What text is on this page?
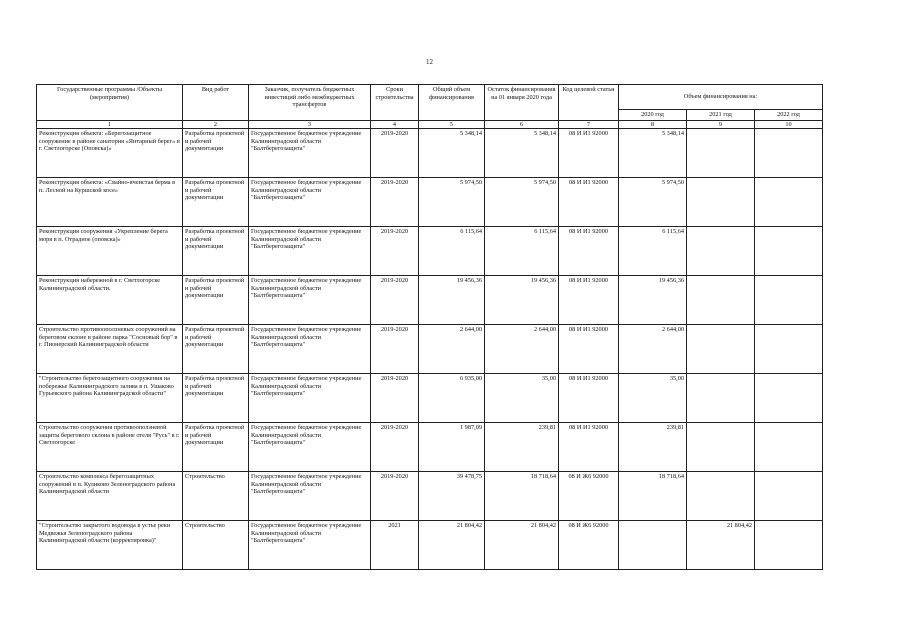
12
Государственные программы /Объекты (мероприятия)	Вид работ	Заказчик, получатель бюджетных инвестиций либо межбюджетных трансфертов	Сроки строительства	Общий объем финансирования	Остаток финансирования на 01 января 2020 года	Код целевой статьи	Объем финансирования на:		
							2020 год	2021 год	2022 год
1	2	3	4	5	6	7	8	9	10
Реконструкция объекта: «Берегозащитное сооружение в районе санатория «Янтарный берег» в г. Светлогорске (Оповска)»	Разработка проектной и рабочей документации	Государственное бюджетное учреждение Калининградской области "Балтберегозащита"	2019-2020	5 348,14	5 348,14	08 И И1 92000	5 348,14		
Реконструкция объекта: «Свайно-ячеистая берма в п. Лесной на Куршской косе»	Разработка проектной и рабочей документации	Государственное бюджетное учреждение Калининградской области "Балтберегозащита"	2019-2020	5 974,50	5 974,50	08 И И1 92000	5 974,50		
Реконструкция сооружения «Укрепление берега моря в п. Отрадное (оповска)»	Разработка проектной и рабочей документации	Государственное бюджетное учреждение Калининградской области "Балтберегозащита"	2019-2020	6 115,64	6 115,64	08 И И1 92000	6 115,64		
Реконструкция набережной в г. Светлогорске Калининградской области.	Разработка проектной и рабочей документации	Государственное бюджетное учреждение Калининградской области "Балтберегозащита"	2019-2020	19 456,36	19 456,36	08 И И1 92000	19 456,36		
Строительство противооползневых сооружений на береговом склоне в районе парка "Сосновый бор" в г. Пионерский Калининградской области	Разработка проектной и рабочей документации	Государственное бюджетное учреждение Калининградской области "Балтберегозащита"	2019-2020	2 644,00	2 644,00	08 И И1 92000	2 644,00		
"Строительство берегозащитного сооружения на побережье Калининградского залива в п. Ушаково Гурьевского района Калининградской области"	Разработка проектной и рабочей документации	Государственное бюджетное учреждение Калининградской области "Балтберегозащита"	2019-2020	6 935,00	35,00	08 И И1 92000	35,00		
Строительство сооружения противооползневой защиты берегового склона в районе отеля "Русь" в г. Светлогорске	Разработка проектной и рабочей документации	Государственное бюджетное учреждение Калининградской области "Балтберегозащита"	2019-2020	1 987,09	239,81	08 И И1 92000	239,81		
Строительство комплекса берегозащитных сооружений в п. Куликово Зеленоградского района Калининградской области	Строительство	Государственное бюджетное учреждение Калининградской области "Балтберегозащита"	2019-2020	39 478,75	18 718,64	08 И Ж6 92000	18 718,64		
"Строительство закрытого водовода в устье реки Медвежья Зеленоградского района Калининградской области (корректировка)"	Строительство	Государственное бюджетное учреждение Калининградской области "Балтберегозащита"	2021	21 804,42	21 804,42	08 И Ж6 92000		21 804,42	
